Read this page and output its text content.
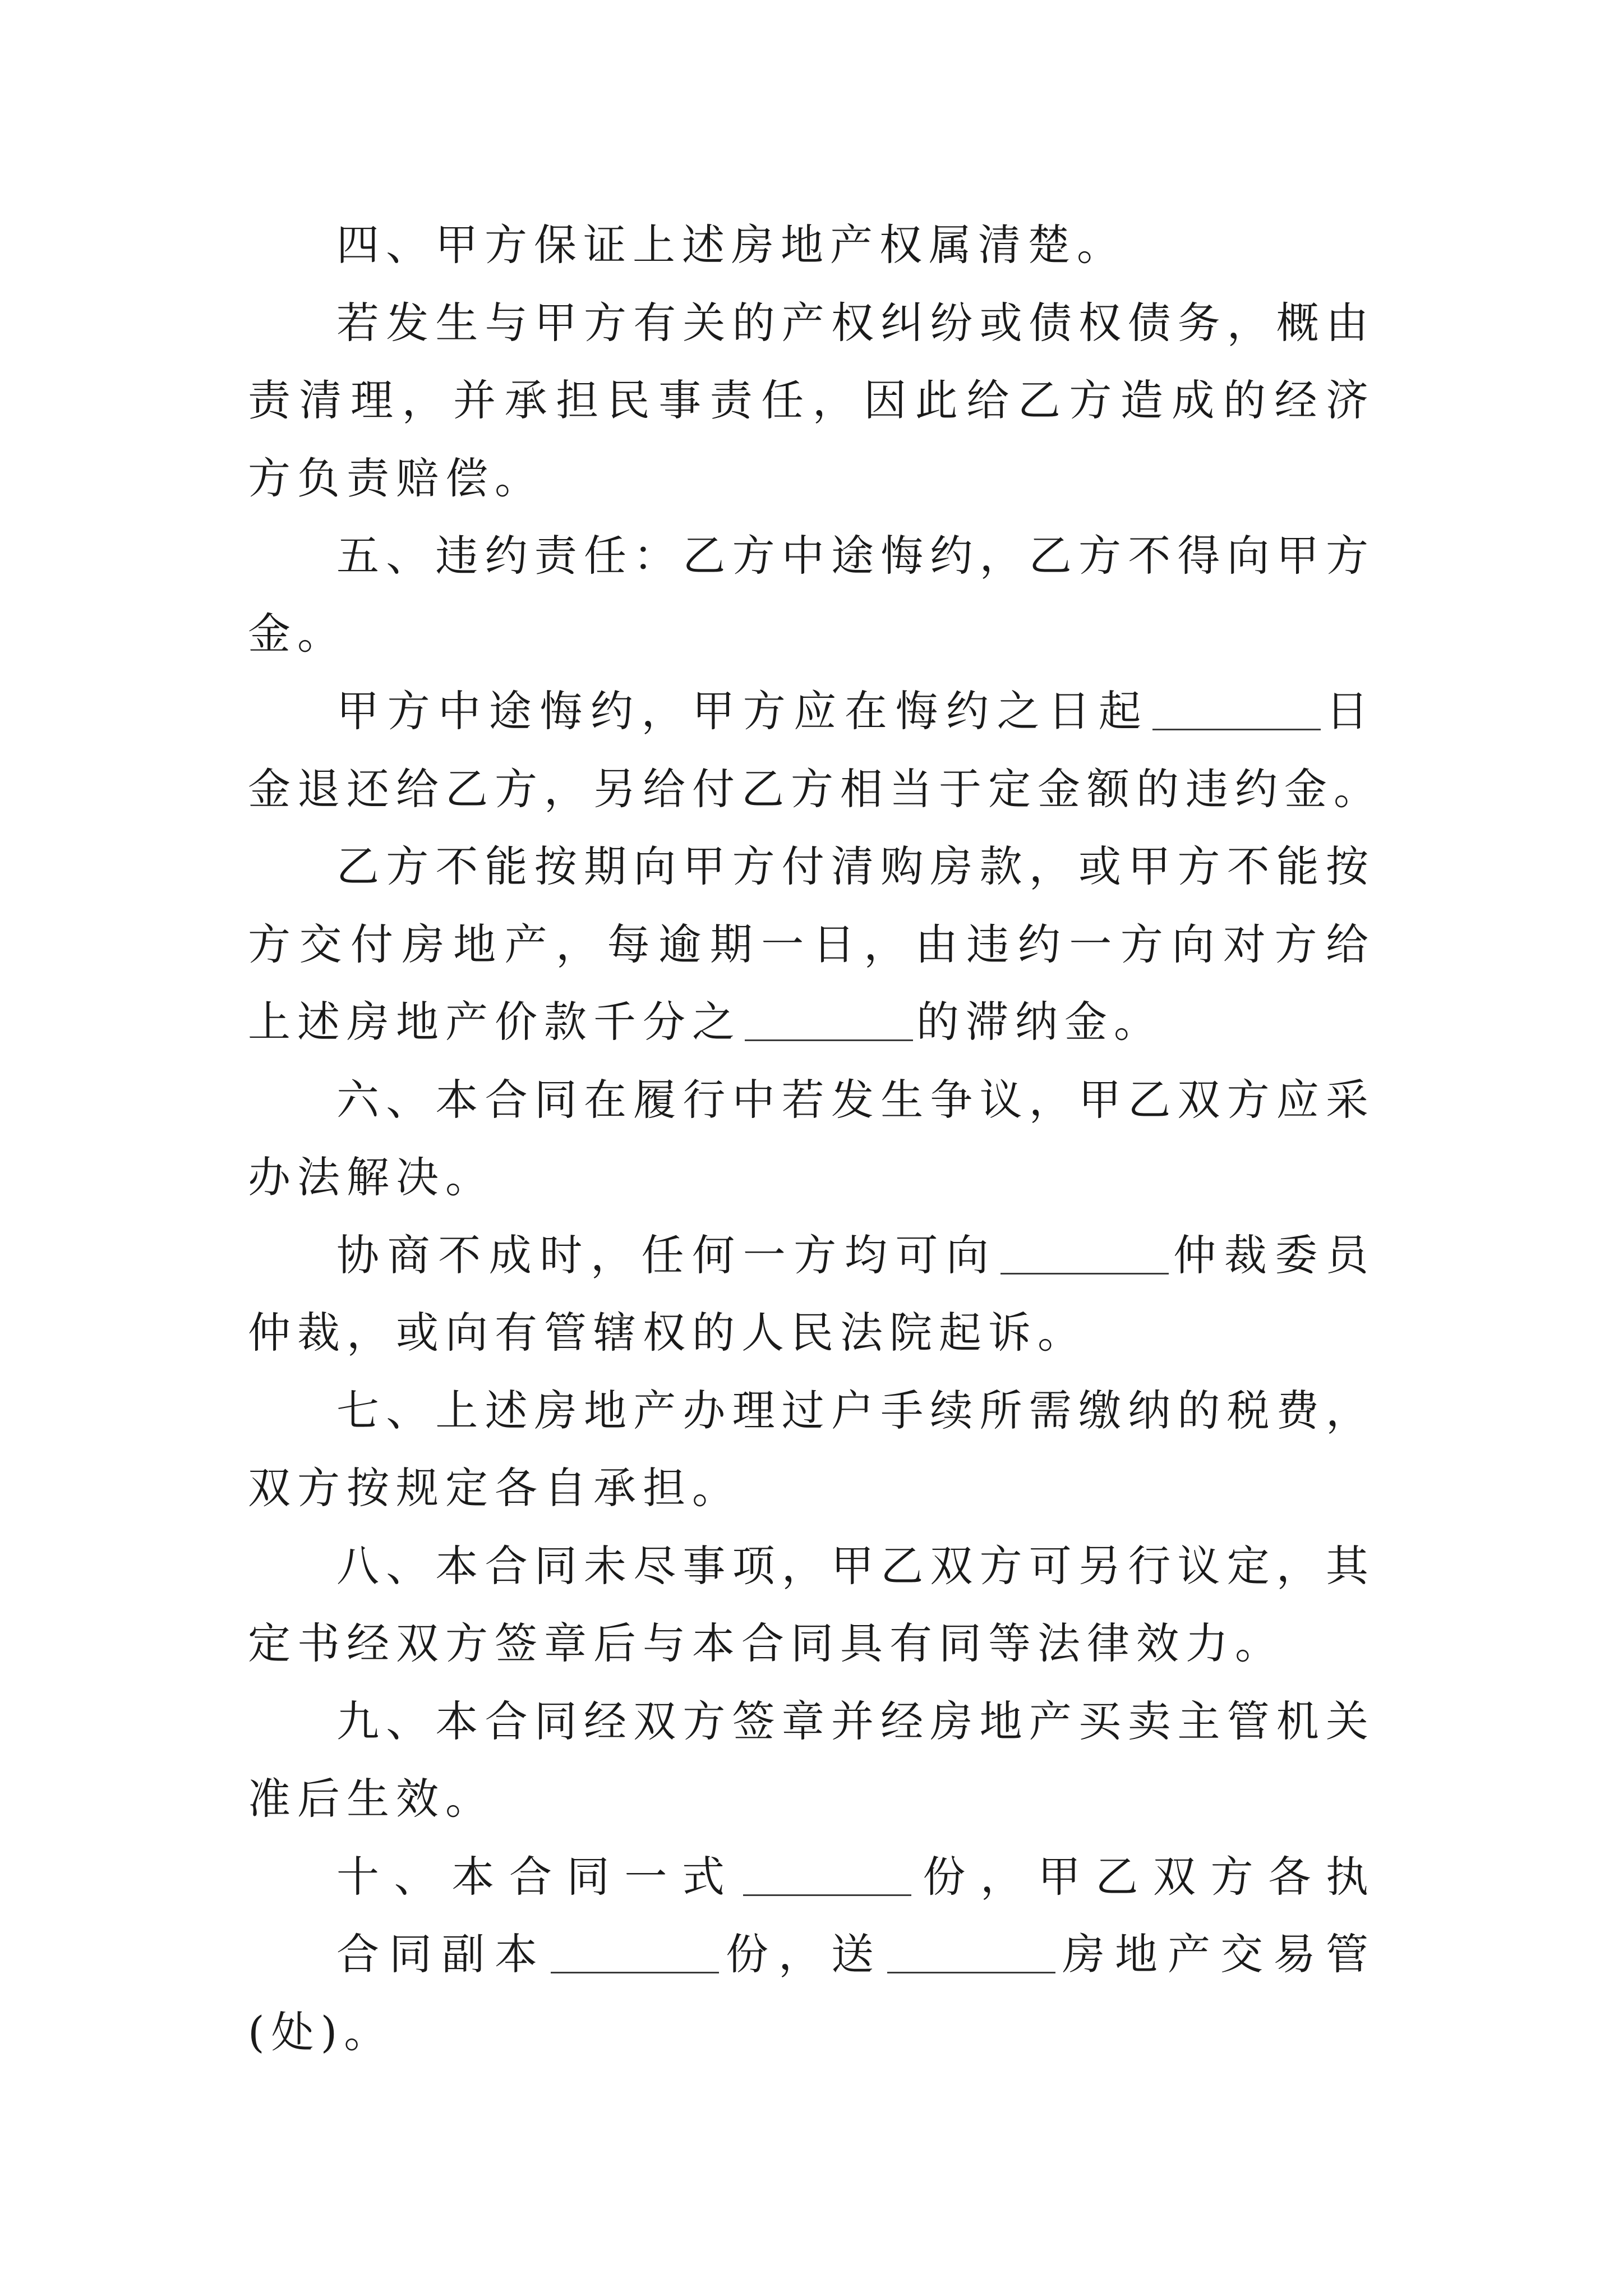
四、甲方保证上述房地产权属清楚。
若发生与甲方有关的产权纠纷或债权债务，概由
责清理，并承担民事责任，因此给乙方造成的经济
方负责赔偿。
五、违约责任：乙方中途悔约，乙方不得向甲方
金。
甲方中途悔约，甲方应在悔约之日起	日
金退还给乙方，另给付乙方相当于定金额的违约金。
乙方不能按期向甲方付清购房款，或甲方不能按
方交付房地产，每逾期一日，由违约一方向对方给
上述房地产价款千分之	的滞纳金。
六、本合同在履行中若发生争议，甲乙双方应采
办法解决。
协商不成时，任何一方均可向	仲裁委员
仲裁，或向有管辖权的人民法院起诉。
七、上述房地产办理过户手续所需缴纳的税费，
双方按规定各自承担。
八、本合同未尽事项，甲乙双方可另行议定，其
定书经双方签章后与本合同具有同等法律效力。
九、本合同经双方签章并经房地产买卖主管机关
准后生效。
十、本合同一式	份，甲乙双方各执
合同副本	份，送	房地产交易管
(处)。
